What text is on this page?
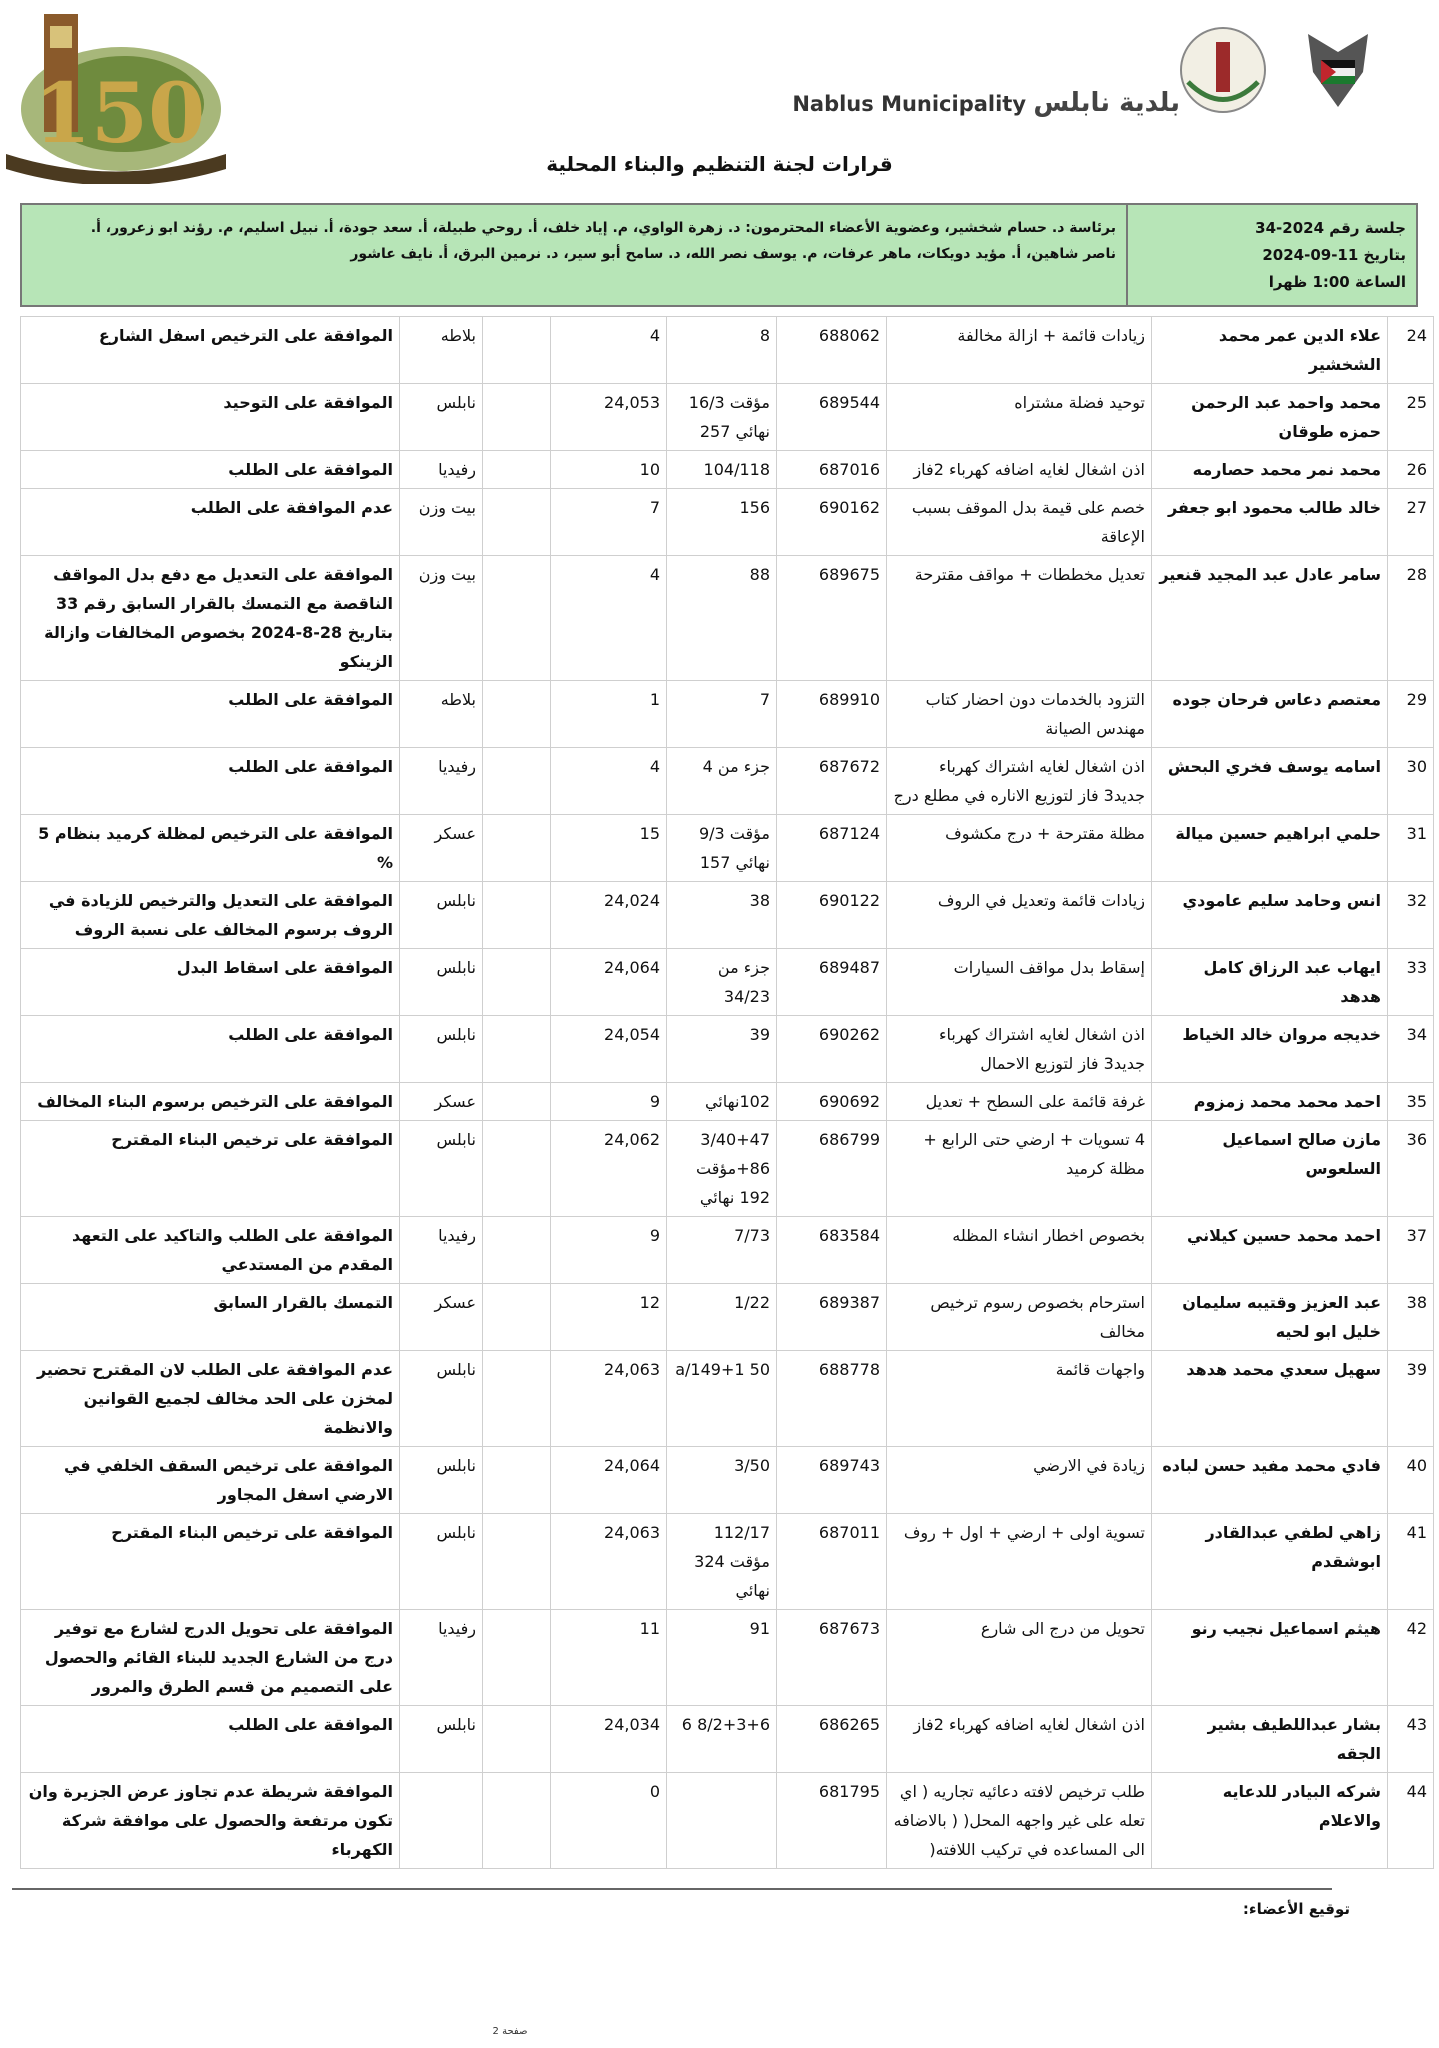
150	Nablus Municipality بلدية نابلس
قرارات لجنة التنظيم والبناء المحلية
جلسة رقم 2024-34
بتاريخ 11-09-2024
الساعة 1:00 ظهرا
برئاسة د. حسام شخشير، وعضوية الأعضاء المحترمون: د. زهرة الواوي، م. إياد خلف، أ. روحي طبيلة، أ. سعد جودة، أ. نبيل اسليم، م. رؤند ابو زعرور، أ.
ناصر شاهين، أ. مؤيد دويكات، ماهر عرفات، م. يوسف نصر الله، د. سامح أبو سير، د. نرمين البرق، أ. نايف عاشور
24	علاء الدين عمر محمد الشخشير	زيادات قائمة + ازالة مخالفة	688062	8	4		بلاطه	الموافقة على الترخيص اسفل الشارع
25	محمد واحمد عبد الرحمن حمزه طوقان	توحيد فضلة مشتراه	689544	مؤقت 16/3 نهائي 257	24,053		نابلس	الموافقة على التوحيد
26	محمد نمر محمد حصارمه	اذن اشغال لغايه اضافه كهرباء 2فاز	687016	104/118	10		رفيديا	الموافقة على الطلب
27	خالد طالب محمود ابو جعفر	خصم على قيمة بدل الموقف بسبب الإعاقة	690162	156	7		بيت وزن	عدم الموافقة على الطلب
28	سامر عادل عبد المجيد قنعير	تعديل مخططات + مواقف مقترحة	689675	88	4		بيت وزن	الموافقة على التعديل مع دفع بدل المواقف الناقصة مع التمسك بالقرار السابق رقم 33 بتاريخ 28-8-2024 بخصوص المخالفات وازالة الزينكو
29	معتصم دعاس فرحان جوده	التزود بالخدمات دون احضار كتاب مهندس الصيانة	689910	7	1		بلاطه	الموافقة على الطلب
30	اسامه يوسف فخري البحش	اذن اشغال لغايه اشتراك كهرباء جديد3 فاز لتوزيع الاناره في مطلع درج	687672	جزء من 4	4		رفيديا	الموافقة على الطلب
31	حلمي ابراهيم حسين ميالة	مظلة مقترحة + درج مكشوف	687124	مؤقت 9/3 نهائي 157	15		عسكر	الموافقة على الترخيص لمظلة كرميد بنظام 5 %
32	انس وحامد سليم عامودي	زيادات قائمة وتعديل في الروف	690122	38	24,024		نابلس	الموافقة على التعديل والترخيص للزيادة في الروف برسوم المخالف على نسبة الروف
33	ايهاب عبد الرزاق كامل هدهد	إسقاط بدل مواقف السيارات	689487	جزء من 34/23	24,064		نابلس	الموافقة على اسقاط البدل
34	خديجه مروان خالد الخياط	اذن اشغال لغايه اشتراك كهرباء جديد3 فاز لتوزيع الاحمال	690262	39	24,054		نابلس	الموافقة على الطلب
35	احمد محمد محمد زمزوم	غرفة قائمة على السطح + تعديل	690692	102نهائي	9		عسكر	الموافقة على الترخيص برسوم البناء المخالف
36	مازن صالح اسماعيل السلعوس	4 تسويات + ارضي حتى الرابع + مظلة كرميد	686799	3/40+47 86+مؤقت 192 نهائي	24,062		نابلس	الموافقة على ترخيص البناء المقترح
37	احمد محمد حسين كيلاني	بخصوص اخطار انشاء المظله	683584	7/73	9		رفيديا	الموافقة على الطلب والتاكيد على التعهد المقدم من المستدعي
38	عبد العزيز وقتيبه سليمان خليل ابو لحيه	استرحام بخصوص رسوم ترخيص مخالف	689387	1/22	12		عسكر	التمسك بالقرار السابق
39	سهيل سعدي محمد هدهد	واجهات قائمة	688778	a/149+1 50	24,063		نابلس	عدم الموافقة على الطلب لان المقترح تحضير لمخزن على الحد مخالف لجميع القوانين والانظمة
40	فادي محمد مفيد حسن لباده	زيادة في الارضي	689743	3/50	24,064		نابلس	الموافقة على ترخيص السقف الخلفي في الارضي اسفل المجاور
41	زاهي لطفي عبدالقادر ابوشقدم	تسوية اولى + ارضي + اول + روف	687011	112/17 مؤقت 324 نهائي	24,063		نابلس	الموافقة على ترخيص البناء المقترح
42	هيثم اسماعيل نجيب رنو	تحويل من درج الى شارع	687673	91	11		رفيديا	الموافقة على تحويل الدرج لشارع مع توفير درج من الشارع الجديد للبناء القائم والحصول على التصميم من قسم الطرق والمرور
43	بشار عبداللطيف بشير الجقه	اذن اشغال لغايه اضافه كهرباء 2فاز	686265	8/2+3+6 6	24,034		نابلس	الموافقة على الطلب
44	شركه البيادر للدعايه والاعلام	طلب ترخيص لافته دعائيه تجاريه ( اي تعله على غير واجهه المحل( ( بالاضافه الى المساعده في تركيب اللافته(	681795		0			الموافقة شريطة عدم تجاوز عرض الجزيرة وان تكون مرتفعة والحصول على موافقة شركة الكهرباء
توقيع الأعضاء:
صفحة 2
